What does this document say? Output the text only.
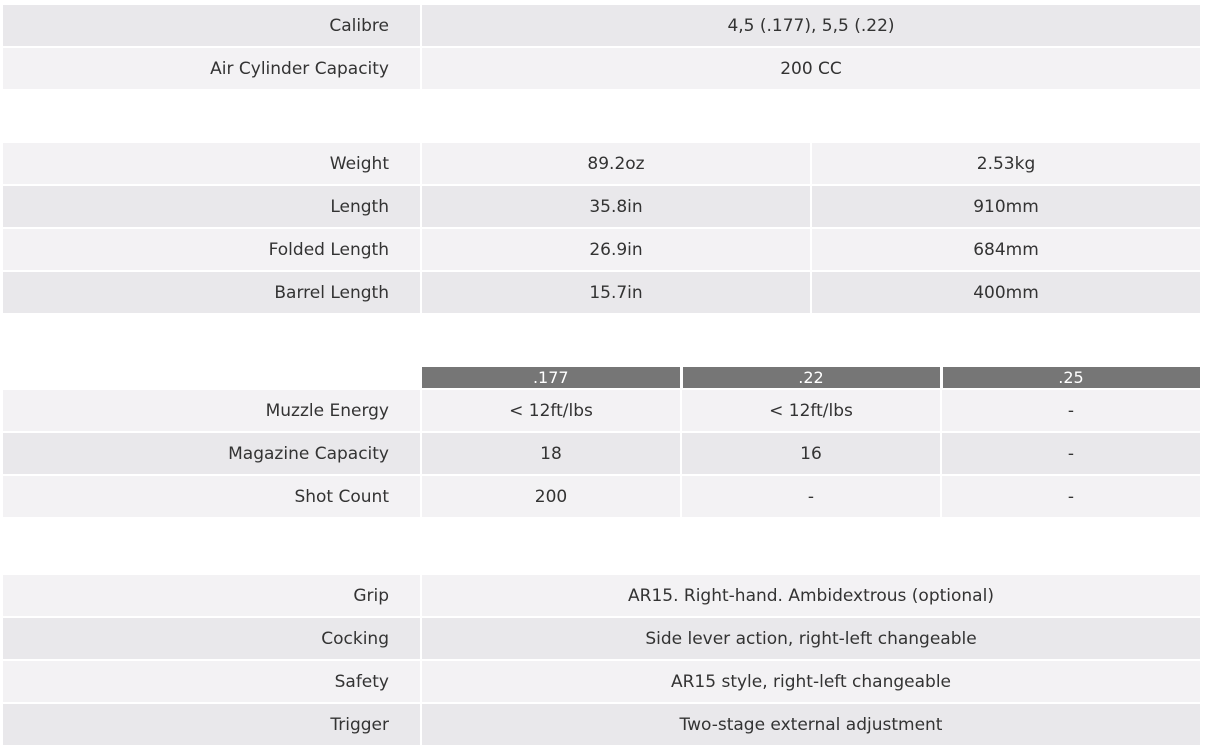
Calibre	4,5 (.177), 5,5 (.22)
Air Cylinder Capacity	200 CC
Weight	89.2oz	2.53kg
Length	35.8in	910mm
Folded Length	26.9in	684mm
Barrel Length	15.7in	400mm
	.177	.22	.25
Muzzle Energy	< 12ft/lbs	< 12ft/lbs	-
Magazine Capacity	18	16	-
Shot Count	200	-	-
Grip	AR15. Right-hand. Ambidextrous (optional)
Cocking	Side lever action, right-left changeable
Safety	AR15 style, right-left changeable
Trigger	Two-stage external adjustment
